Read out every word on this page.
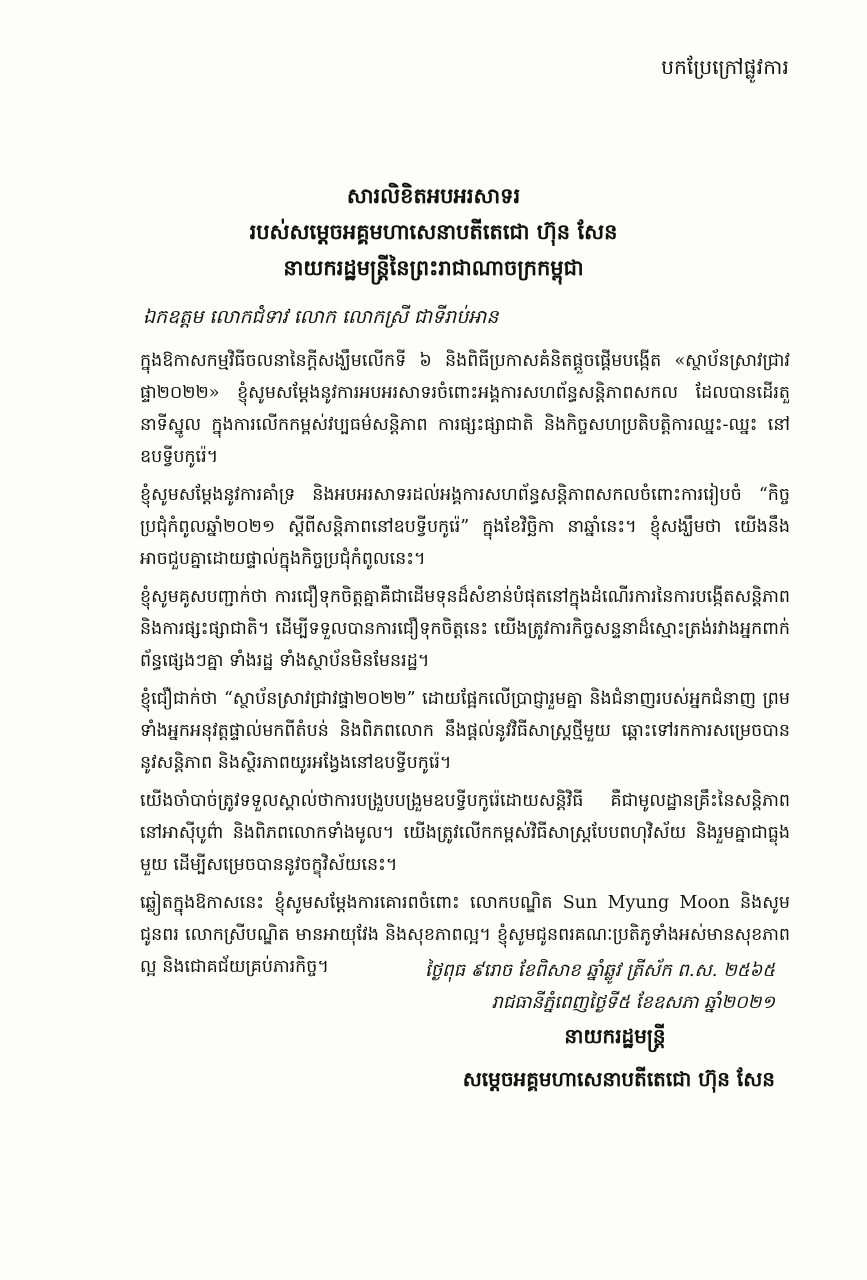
បកប្រែក្រៅផ្លូវការ
សារលិខិតអបអរសាទរ
របស់សម្តេចអគ្គមហាសេនាបតីតេជោ ហ៊ុន សែន
នាយករដ្ឋមន្ត្រីនៃព្រះរាជាណាចក្រកម្ពុជា
ឯកឧត្តម លោកជំទាវ លោក លោកស្រី ជាទីរាប់អាន

ក្នុងឱកាសកម្មវិធីចលនានៃក្តីសង្ឃឹមលើកទី ៦ និងពិធីប្រកាសគំនិតផ្តួចផ្តើមបង្កើត «ស្ថាប័នស្រាវជ្រាវផ្ទា២០២២» ខ្ញុំសូមសម្តែងនូវការអបអរសាទរចំពោះអង្គការសហព័ន្ធសន្តិភាពសកល ដែលបានដើរតួនាទីស្នូល ក្នុងការលើកកម្ពស់វប្បធម៌សន្តិភាព ការផ្សះផ្សាជាតិ និងកិច្ចសហប្រតិបត្តិការឈ្នះ-ឈ្នះ នៅឧបទ្វីបកូរ៉េ។

ខ្ញុំសូមសម្តែងនូវការគាំទ្រ និងអបអរសាទរដល់អង្គការសហព័ន្ធសន្តិភាពសកលចំពោះការរៀបចំ “កិច្ចប្រជុំកំពូលឆ្នាំ២០២១ ស្តីពីសន្តិភាពនៅឧបទ្វីបកូរ៉េ” ក្នុងខែវិច្ឆិកា នាឆ្នាំនេះ។ ខ្ញុំសង្ឃឹមថា យើងនឹងអាចជួបគ្នាដោយផ្ទាល់ក្នុងកិច្ចប្រជុំកំពូលនេះ។

ខ្ញុំសូមគូសបញ្ជាក់ថា ការជឿទុកចិត្តគ្នាគឺជាដើមទុនដ៏សំខាន់បំផុតនៅក្នុងដំណើរការនៃការបង្កើតសន្តិភាព និងការផ្សះផ្សាជាតិ។ ដើម្បីទទួលបានការជឿទុកចិត្តនេះ យើងត្រូវការកិច្ចសន្ទនាដ៏ស្មោះត្រង់រវាងអ្នកពាក់ព័ន្ធផ្សេងៗគ្នា ទាំងរដ្ឋ ទាំងស្ថាប័នមិនមែនរដ្ឋ។

ខ្ញុំជឿជាក់ថា “ស្ថាប័នស្រាវជ្រាវផ្ទា២០២២” ដោយផ្អែកលើប្រាជ្ញារួមគ្នា និងជំនាញរបស់អ្នកជំនាញ ព្រមទាំងអ្នកអនុវត្តផ្ទាល់មកពីតំបន់ និងពិភពលោក នឹងផ្តល់នូវវិធីសាស្ត្រថ្មីមួយ ឆ្ពោះទៅរកការសម្រេចបាននូវសន្តិភាព និងស្ថិរភាពយូរអង្វែងនៅឧបទ្វីបកូរ៉េ។

យើងចាំបាច់ត្រូវទទួលស្គាល់ថាការបង្រួបបង្រួមឧបទ្វីបកូរ៉េដោយសន្តិវិធី គឺជាមូលដ្ឋានគ្រឹះនៃសន្តិភាពនៅអាស៊ីបូព៌ា និងពិភពលោកទាំងមូល។ យើងត្រូវលើកកម្ពស់វិធីសាស្ត្របែបពហុវិស័យ និងរួមគ្នាជាធ្លុងមួយ ដើម្បីសម្រេចបាននូវចក្ខុវិស័យនេះ។

ឆ្លៀតក្នុងឱកាសនេះ ខ្ញុំសូមសម្តែងការគោរពចំពោះ លោកបណ្ឌិត Sun Myung Moon និងសូមជូនពរ លោកស្រីបណ្ឌិត មានអាយុវែង និងសុខភាពល្អ។ ខ្ញុំសូមជូនពរគណៈប្រតិភូទាំងអស់មានសុខភាពល្អ និងជោគជ័យគ្រប់ភារកិច្ច។	ថ្ងៃពុធ ៩រោច ខែពិសាខ ឆ្នាំឆ្លូវ ត្រីស័ក ព.ស. ២៥៦៥
រាជធានីភ្នំពេញថ្ងៃទី៥ ខែឧសភា ឆ្នាំ២០២១
នាយករដ្ឋមន្ត្រី
សម្តេចអគ្គមហាសេនាបតីតេជោ ហ៊ុន សែន
